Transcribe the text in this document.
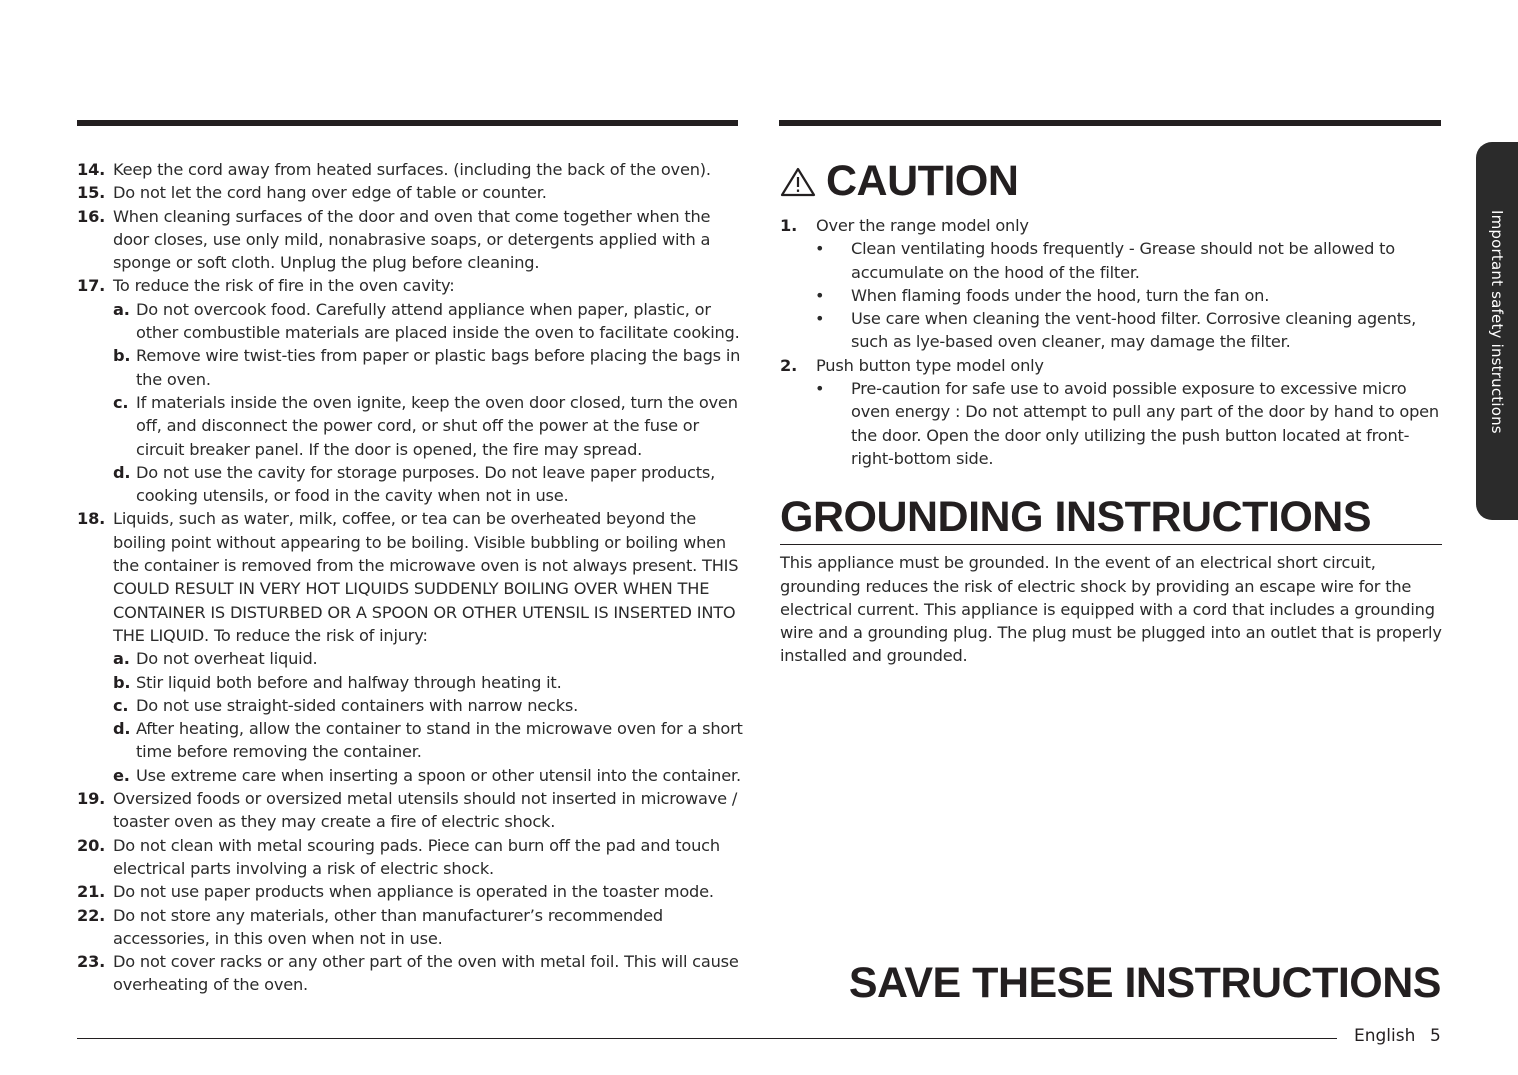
14. Keep the cord away from heated surfaces. (including the back of the oven).
15. Do not let the cord hang over edge of table or counter.
16. When cleaning surfaces of the door and oven that come together when the door closes, use only mild, nonabrasive soaps, or detergents applied with a sponge or soft cloth. Unplug the plug before cleaning.
17. To reduce the risk of fire in the oven cavity:
a. Do not overcook food. Carefully attend appliance when paper, plastic, or other combustible materials are placed inside the oven to facilitate cooking.
b. Remove wire twist-ties from paper or plastic bags before placing the bags in the oven.
c. If materials inside the oven ignite, keep the oven door closed, turn the oven off, and disconnect the power cord, or shut off the power at the fuse or circuit breaker panel. If the door is opened, the fire may spread.
d. Do not use the cavity for storage purposes. Do not leave paper products, cooking utensils, or food in the cavity when not in use.
18. Liquids, such as water, milk, coffee, or tea can be overheated beyond the boiling point without appearing to be boiling. Visible bubbling or boiling when the container is removed from the microwave oven is not always present. THIS COULD RESULT IN VERY HOT LIQUIDS SUDDENLY BOILING OVER WHEN THE CONTAINER IS DISTURBED OR A SPOON OR OTHER UTENSIL IS INSERTED INTO THE LIQUID. To reduce the risk of injury:
a. Do not overheat liquid.
b. Stir liquid both before and halfway through heating it.
c. Do not use straight-sided containers with narrow necks.
d. After heating, allow the container to stand in the microwave oven for a short time before removing the container.
e. Use extreme care when inserting a spoon or other utensil into the container.
19. Oversized foods or oversized metal utensils should not inserted in microwave / toaster oven as they may create a fire of electric shock.
20. Do not clean with metal scouring pads. Piece can burn off the pad and touch electrical parts involving a risk of electric shock.
21. Do not use paper products when appliance is operated in the toaster mode.
22. Do not store any materials, other than manufacturer’s recommended accessories, in this oven when not in use.
23. Do not cover racks or any other part of the oven with metal foil. This will cause overheating of the oven.
CAUTION
1.	Over the range model only
•	Clean ventilating hoods frequently - Grease should not be allowed to accumulate on the hood of the filter.
•	When flaming foods under the hood, turn the fan on.
•	Use care when cleaning the vent-hood filter. Corrosive cleaning agents, such as lye-based oven cleaner, may damage the filter.
2.	Push button type model only
•	Pre-caution for safe use to avoid possible exposure to excessive micro oven energy : Do not attempt to pull any part of the door by hand to open the door. Open the door only utilizing the push button located at front-right-bottom side.
GROUNDING INSTRUCTIONS
This appliance must be grounded. In the event of an electrical short circuit, grounding reduces the risk of electric shock by providing an escape wire for the electrical current. This appliance is equipped with a cord that includes a grounding wire and a grounding plug. The plug must be plugged into an outlet that is properly installed and grounded.
SAVE THESE INSTRUCTIONS
English 5
Important safety instructions
